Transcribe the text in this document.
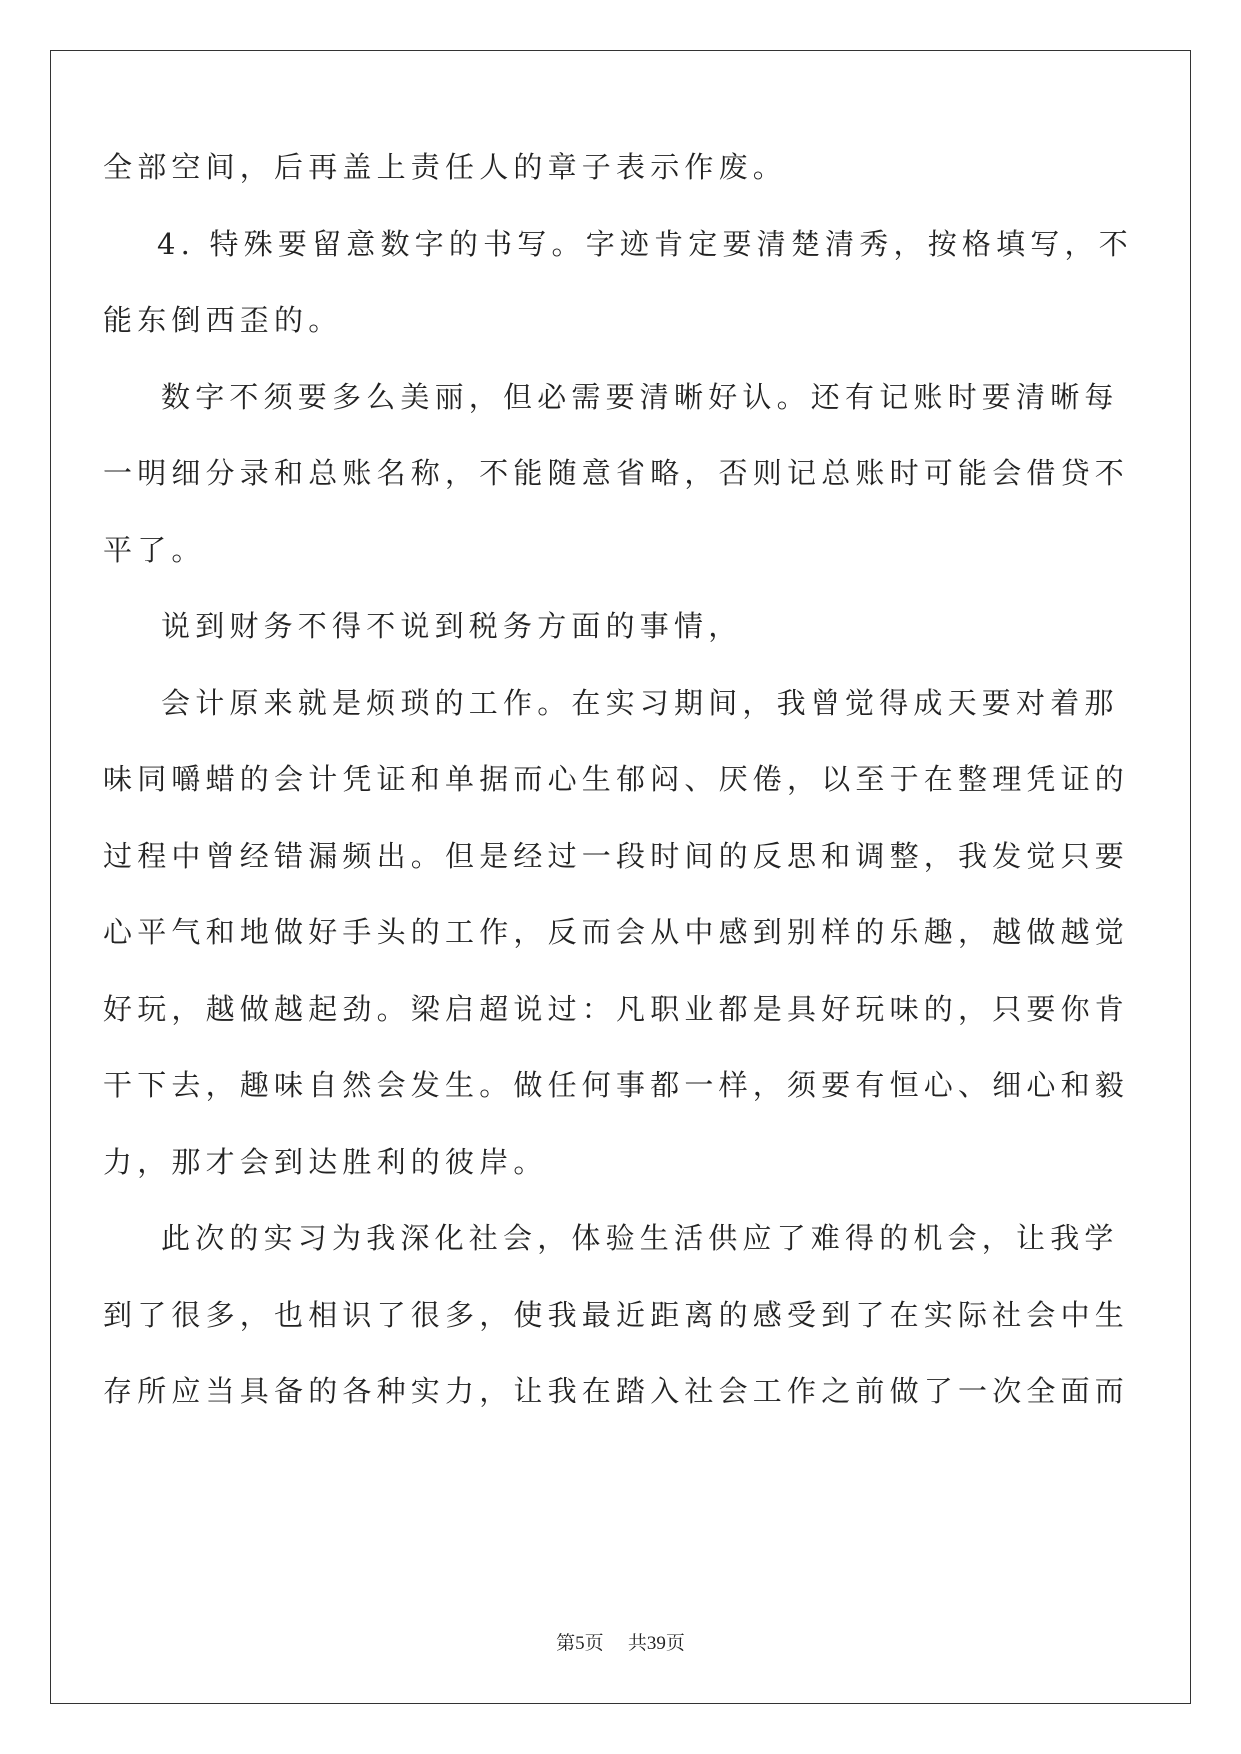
全部空间，后再盖上责任人的章子表示作废。
4. 特殊要留意数字的书写。字迹肯定要清楚清秀，按格填写，不
能东倒西歪的。
数字不须要多么美丽，但必需要清晰好认。还有记账时要清晰每
一明细分录和总账名称，不能随意省略，否则记总账时可能会借贷不
平了。
说到财务不得不说到税务方面的事情，
会计原来就是烦琐的工作。在实习期间，我曾觉得成天要对着那
味同嚼蜡的会计凭证和单据而心生郁闷、厌倦，以至于在整理凭证的
过程中曾经错漏频出。但是经过一段时间的反思和调整，我发觉只要
心平气和地做好手头的工作，反而会从中感到别样的乐趣，越做越觉
好玩，越做越起劲。梁启超说过：凡职业都是具好玩味的，只要你肯
干下去，趣味自然会发生。做任何事都一样，须要有恒心、细心和毅
力，那才会到达胜利的彼岸。
此次的实习为我深化社会，体验生活供应了难得的机会，让我学
到了很多，也相识了很多，使我最近距离的感受到了在实际社会中生
存所应当具备的各种实力，让我在踏入社会工作之前做了一次全面而
第5页 共39页
